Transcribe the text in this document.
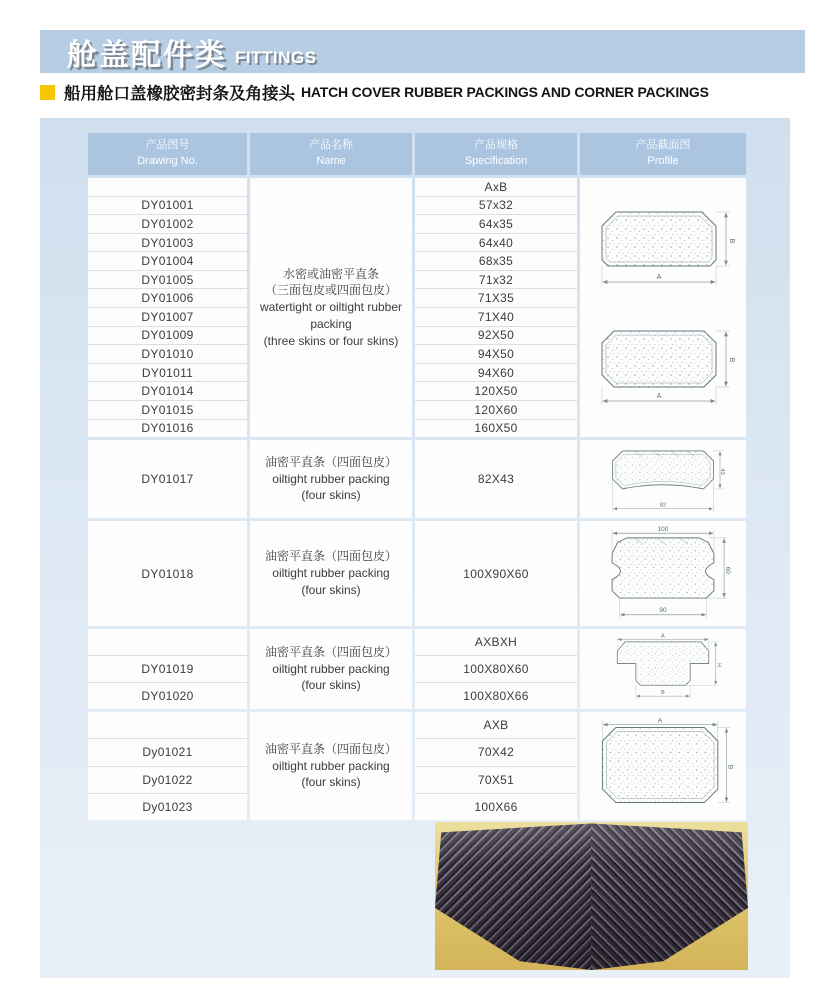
舱盖配件类 FITTINGS
船用舱口盖橡胶密封条及角接头 HATCH COVER RUBBER PACKINGS AND CORNER PACKINGS
产品图号
Drawing No.
产品名称
Name
产品规格
Specification
产品截面图
Profile
DY01001
DY01002
DY01003
DY01004
DY01005
DY01006
DY01007
DY01009
DY01010
DY01011
DY01014
DY01015
DY01016
水密或油密平直条
（三面包皮或四面包皮）
watertight or oiltight rubber
packing
(three skins or four skins)
AxB
57x32
64x35
64x40
68x35
71x32
71X35
71X40
92X50
94X50
94X60
120X50
120X60
160X50
B
A
B
A
DY01017
油密平直条（四面包皮）
oiltight rubber packing
(four skins)
82X43
43
82
DY01018
油密平直条（四面包皮）
oiltight rubber packing
(four skins)
100X90X60
100
60
90
DY01019
DY01020
油密平直条（四面包皮）
oiltight rubber packing
(four skins)
AXBXH
100X80X60
100X80X66
A
H
B
Dy01021
Dy01022
Dy01023
油密平直条（四面包皮）
oiltight rubber packing
(four skins)
AXB
70X42
70X51
100X66
A
B
